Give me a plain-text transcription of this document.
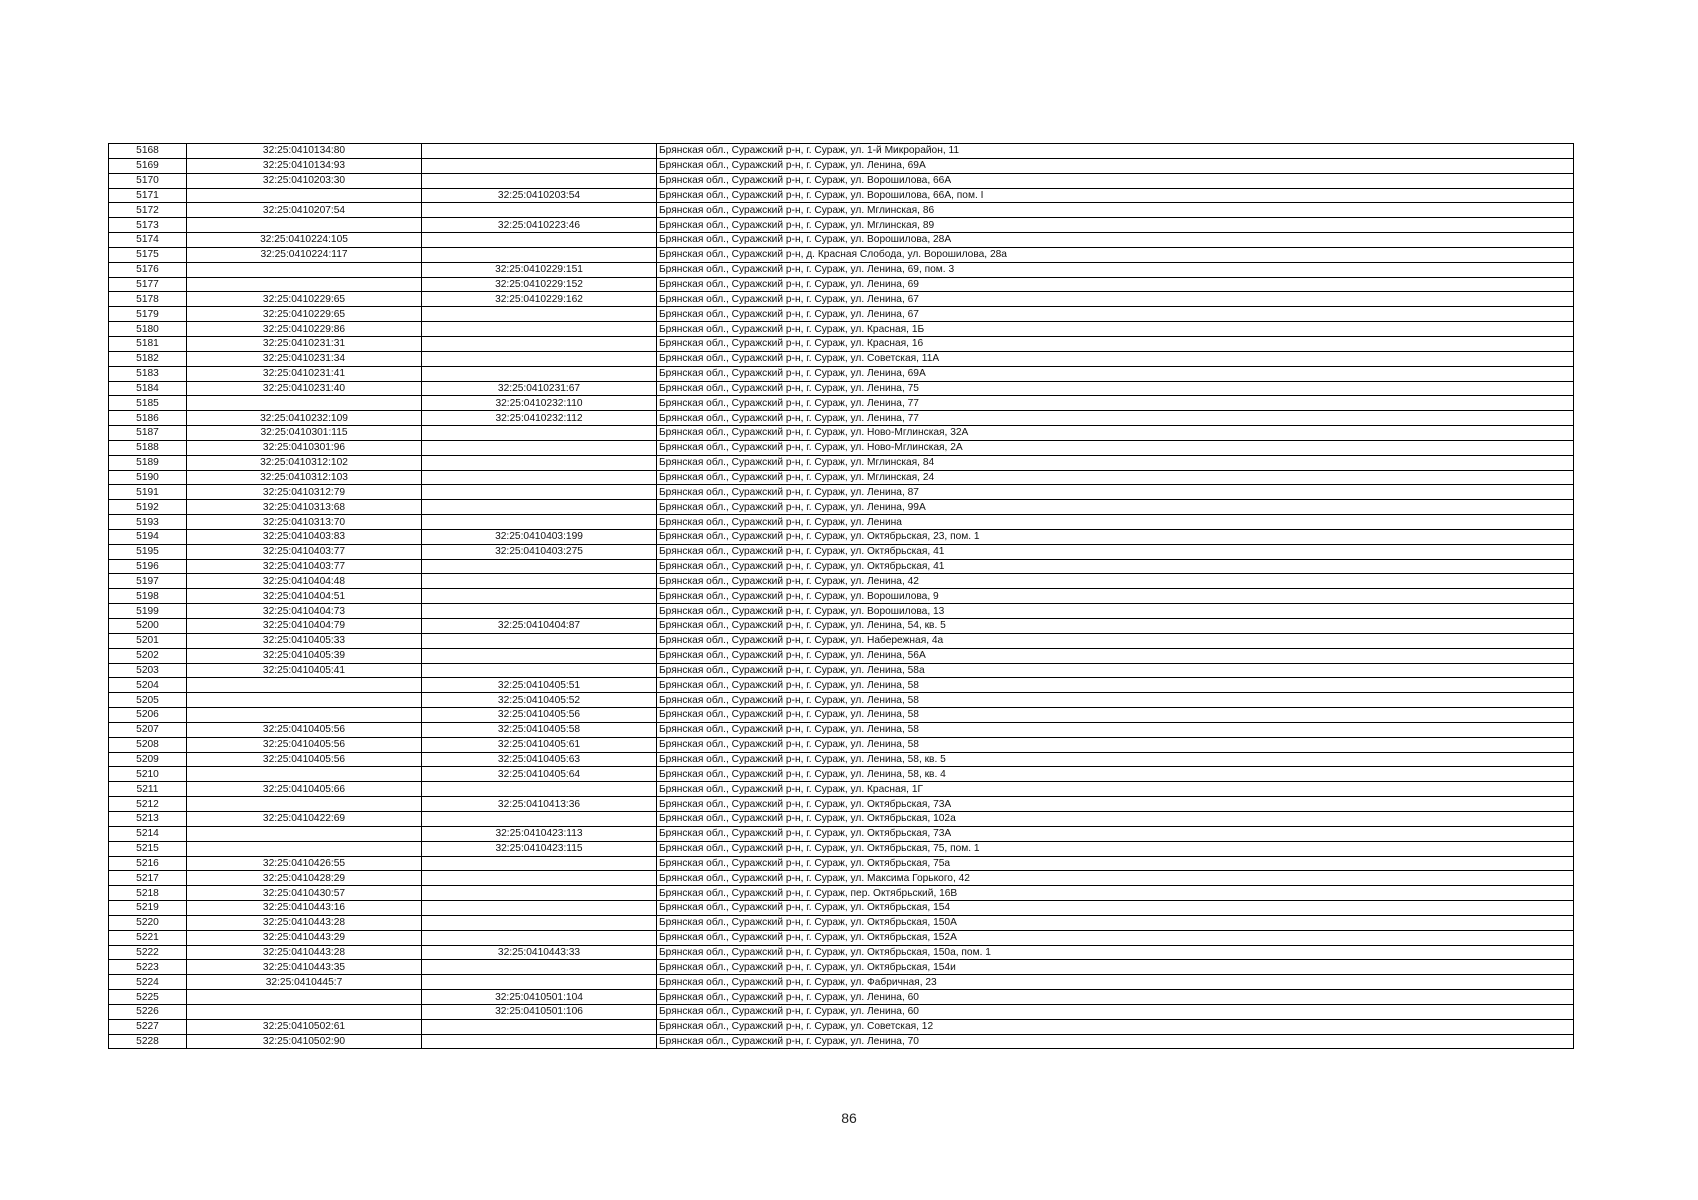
5168	32:25:0410134:80		Брянская обл., Суражский р-н, г. Сураж, ул. 1-й Микрорайон, 11
5169	32:25:0410134:93		Брянская обл., Суражский р-н, г. Сураж, ул. Ленина, 69А
5170	32:25:0410203:30		Брянская обл., Суражский р-н, г. Сураж, ул. Ворошилова, 66А
5171		32:25:0410203:54	Брянская обл., Суражский р-н, г. Сураж, ул. Ворошилова, 66А, пом. I
5172	32:25:0410207:54		Брянская обл., Суражский р-н, г. Сураж, ул. Мглинская, 86
5173		32:25:0410223:46	Брянская обл., Суражский р-н, г. Сураж, ул. Мглинская, 89
5174	32:25:0410224:105		Брянская обл., Суражский р-н, г. Сураж, ул. Ворошилова, 28А
5175	32:25:0410224:117		Брянская обл., Суражский р-н, д. Красная Слобода, ул. Ворошилова, 28а
5176		32:25:0410229:151	Брянская обл., Суражский р-н, г. Сураж, ул. Ленина, 69, пом. 3
5177		32:25:0410229:152	Брянская обл., Суражский р-н, г. Сураж, ул. Ленина, 69
5178	32:25:0410229:65	32:25:0410229:162	Брянская обл., Суражский р-н, г. Сураж, ул. Ленина, 67
5179	32:25:0410229:65		Брянская обл., Суражский р-н, г. Сураж, ул. Ленина, 67
5180	32:25:0410229:86		Брянская обл., Суражский р-н, г. Сураж, ул. Красная, 1Б
5181	32:25:0410231:31		Брянская обл., Суражский р-н, г. Сураж, ул. Красная, 16
5182	32:25:0410231:34		Брянская обл., Суражский р-н, г. Сураж, ул. Советская, 11А
5183	32:25:0410231:41		Брянская обл., Суражский р-н, г. Сураж, ул. Ленина, 69А
5184	32:25:0410231:40	32:25:0410231:67	Брянская обл., Суражский р-н, г. Сураж, ул. Ленина, 75
5185		32:25:0410232:110	Брянская обл., Суражский р-н, г. Сураж, ул. Ленина, 77
5186	32:25:0410232:109	32:25:0410232:112	Брянская обл., Суражский р-н, г. Сураж, ул. Ленина, 77
5187	32:25:0410301:115		Брянская обл., Суражский р-н, г. Сураж, ул. Ново-Мглинская, 32А
5188	32:25:0410301:96		Брянская обл., Суражский р-н, г. Сураж, ул. Ново-Мглинская, 2А
5189	32:25:0410312:102		Брянская обл., Суражский р-н, г. Сураж, ул. Мглинская, 84
5190	32:25:0410312:103		Брянская обл., Суражский р-н, г. Сураж, ул. Мглинская, 24
5191	32:25:0410312:79		Брянская обл., Суражский р-н, г. Сураж, ул. Ленина, 87
5192	32:25:0410313:68		Брянская обл., Суражский р-н, г. Сураж, ул. Ленина, 99А
5193	32:25:0410313:70		Брянская обл., Суражский р-н, г. Сураж, ул. Ленина
5194	32:25:0410403:83	32:25:0410403:199	Брянская обл., Суражский р-н, г. Сураж, ул. Октябрьская, 23, пом. 1
5195	32:25:0410403:77	32:25:0410403:275	Брянская обл., Суражский р-н, г. Сураж, ул. Октябрьская, 41
5196	32:25:0410403:77		Брянская обл., Суражский р-н, г. Сураж, ул. Октябрьская, 41
5197	32:25:0410404:48		Брянская обл., Суражский р-н, г. Сураж, ул. Ленина, 42
5198	32:25:0410404:51		Брянская обл., Суражский р-н, г. Сураж, ул. Ворошилова, 9
5199	32:25:0410404:73		Брянская обл., Суражский р-н, г. Сураж, ул. Ворошилова, 13
5200	32:25:0410404:79	32:25:0410404:87	Брянская обл., Суражский р-н, г. Сураж, ул. Ленина, 54, кв. 5
5201	32:25:0410405:33		Брянская обл., Суражский р-н, г. Сураж, ул. Набережная, 4а
5202	32:25:0410405:39		Брянская обл., Суражский р-н, г. Сураж, ул. Ленина, 56А
5203	32:25:0410405:41		Брянская обл., Суражский р-н, г. Сураж, ул. Ленина, 58а
5204		32:25:0410405:51	Брянская обл., Суражский р-н, г. Сураж, ул. Ленина, 58
5205		32:25:0410405:52	Брянская обл., Суражский р-н, г. Сураж, ул. Ленина, 58
5206		32:25:0410405:56	Брянская обл., Суражский р-н, г. Сураж, ул. Ленина, 58
5207	32:25:0410405:56	32:25:0410405:58	Брянская обл., Суражский р-н, г. Сураж, ул. Ленина, 58
5208	32:25:0410405:56	32:25:0410405:61	Брянская обл., Суражский р-н, г. Сураж, ул. Ленина, 58
5209	32:25:0410405:56	32:25:0410405:63	Брянская обл., Суражский р-н, г. Сураж, ул. Ленина, 58, кв. 5
5210		32:25:0410405:64	Брянская обл., Суражский р-н, г. Сураж, ул. Ленина, 58, кв. 4
5211	32:25:0410405:66		Брянская обл., Суражский р-н, г. Сураж, ул. Красная, 1Г
5212		32:25:0410413:36	Брянская обл., Суражский р-н, г. Сураж, ул. Октябрьская, 73А
5213	32:25:0410422:69		Брянская обл., Суражский р-н, г. Сураж, ул. Октябрьская, 102а
5214		32:25:0410423:113	Брянская обл., Суражский р-н, г. Сураж, ул. Октябрьская, 73А
5215		32:25:0410423:115	Брянская обл., Суражский р-н, г. Сураж, ул. Октябрьская, 75, пом. 1
5216	32:25:0410426:55		Брянская обл., Суражский р-н, г. Сураж, ул. Октябрьская, 75а
5217	32:25:0410428:29		Брянская обл., Суражский р-н, г. Сураж, ул. Максима Горького, 42
5218	32:25:0410430:57		Брянская обл., Суражский р-н, г. Сураж, пер. Октябрьский, 16В
5219	32:25:0410443:16		Брянская обл., Суражский р-н, г. Сураж, ул. Октябрьская, 154
5220	32:25:0410443:28		Брянская обл., Суражский р-н, г. Сураж, ул. Октябрьская, 150А
5221	32:25:0410443:29		Брянская обл., Суражский р-н, г. Сураж, ул. Октябрьская, 152А
5222	32:25:0410443:28	32:25:0410443:33	Брянская обл., Суражский р-н, г. Сураж, ул. Октябрьская, 150а, пом. 1
5223	32:25:0410443:35		Брянская обл., Суражский р-н, г. Сураж, ул. Октябрьская, 154и
5224	32:25:0410445:7		Брянская обл., Суражский р-н, г. Сураж, ул. Фабричная, 23
5225		32:25:0410501:104	Брянская обл., Суражский р-н, г. Сураж, ул. Ленина, 60
5226		32:25:0410501:106	Брянская обл., Суражский р-н, г. Сураж, ул. Ленина, 60
5227	32:25:0410502:61		Брянская обл., Суражский р-н, г. Сураж, ул. Советская, 12
5228	32:25:0410502:90		Брянская обл., Суражский р-н, г. Сураж, ул. Ленина, 70
86
